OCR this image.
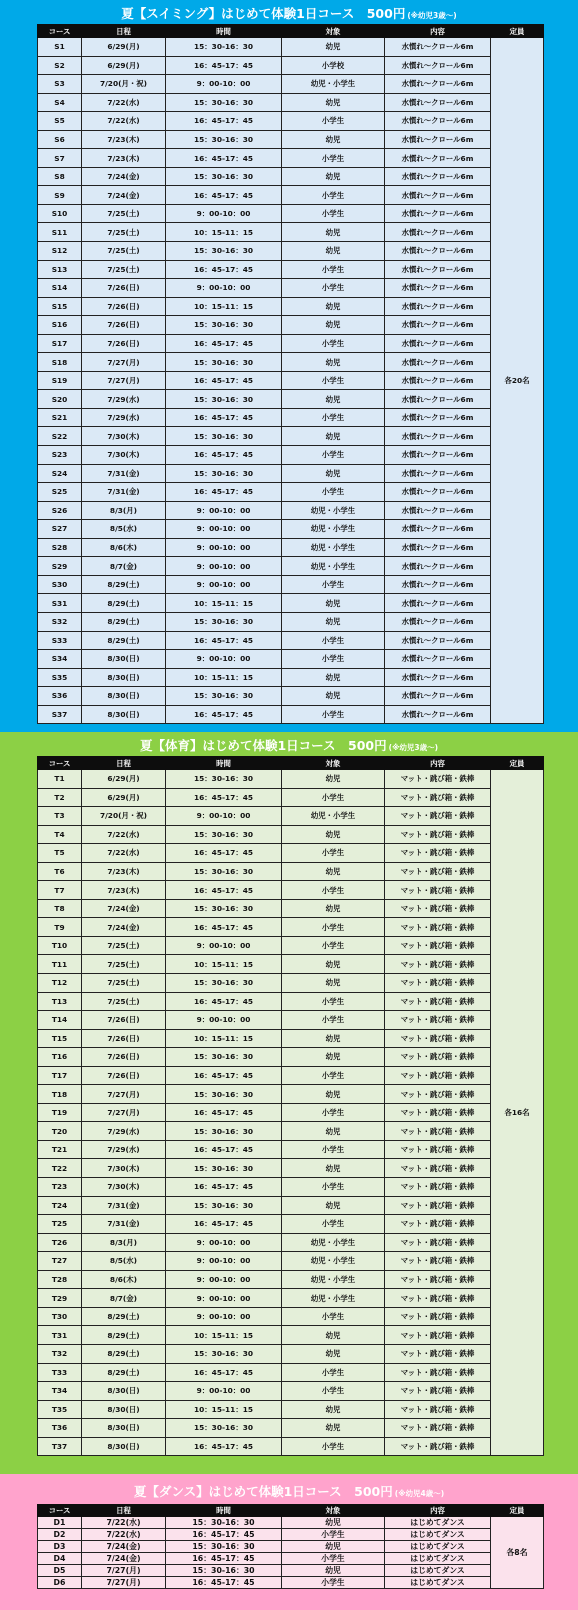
夏【スイミング】はじめて体験1日コース　500円 (※幼児3歳～)
コース	日程	時間	対象	内容	定員
S1	6/29(月)	15：30-16：30	幼児	水慣れ～クロール6m	各20名
S2	6/29(月)	16：45-17：45	小学校	水慣れ～クロール6m	
S3	7/20(月・祝)	9：00-10：00	幼児・小学生	水慣れ～クロール6m	
S4	7/22(水)	15：30-16：30	幼児	水慣れ～クロール6m	
S5	7/22(水)	16：45-17：45	小学生	水慣れ～クロール6m	
S6	7/23(木)	15：30-16：30	幼児	水慣れ～クロール6m	
S7	7/23(木)	16：45-17：45	小学生	水慣れ～クロール6m	
S8	7/24(金)	15：30-16：30	幼児	水慣れ～クロール6m	
S9	7/24(金)	16：45-17：45	小学生	水慣れ～クロール6m	
S10	7/25(土)	9：00-10：00	小学生	水慣れ～クロール6m	
S11	7/25(土)	10：15-11：15	幼児	水慣れ～クロール6m	
S12	7/25(土)	15：30-16：30	幼児	水慣れ～クロール6m	
S13	7/25(土)	16：45-17：45	小学生	水慣れ～クロール6m	
S14	7/26(日)	9：00-10：00	小学生	水慣れ～クロール6m	
S15	7/26(日)	10：15-11：15	幼児	水慣れ～クロール6m	
S16	7/26(日)	15：30-16：30	幼児	水慣れ～クロール6m	
S17	7/26(日)	16：45-17：45	小学生	水慣れ～クロール6m	
S18	7/27(月)	15：30-16：30	幼児	水慣れ～クロール6m	
S19	7/27(月)	16：45-17：45	小学生	水慣れ～クロール6m	
S20	7/29(水)	15：30-16：30	幼児	水慣れ～クロール6m	
S21	7/29(水)	16：45-17：45	小学生	水慣れ～クロール6m	
S22	7/30(木)	15：30-16：30	幼児	水慣れ～クロール6m	
S23	7/30(木)	16：45-17：45	小学生	水慣れ～クロール6m	
S24	7/31(金)	15：30-16：30	幼児	水慣れ～クロール6m	
S25	7/31(金)	16：45-17：45	小学生	水慣れ～クロール6m	
S26	8/3(月)	9：00-10：00	幼児・小学生	水慣れ～クロール6m	
S27	8/5(水)	9：00-10：00	幼児・小学生	水慣れ～クロール6m	
S28	8/6(木)	9：00-10：00	幼児・小学生	水慣れ～クロール6m	
S29	8/7(金)	9：00-10：00	幼児・小学生	水慣れ～クロール6m	
S30	8/29(土)	9：00-10：00	小学生	水慣れ～クロール6m	
S31	8/29(土)	10：15-11：15	幼児	水慣れ～クロール6m	
S32	8/29(土)	15：30-16：30	幼児	水慣れ～クロール6m	
S33	8/29(土)	16：45-17：45	小学生	水慣れ～クロール6m	
S34	8/30(日)	9：00-10：00	小学生	水慣れ～クロール6m	
S35	8/30(日)	10：15-11：15	幼児	水慣れ～クロール6m	
S36	8/30(日)	15：30-16：30	幼児	水慣れ～クロール6m	
S37	8/30(日)	16：45-17：45	小学生	水慣れ～クロール6m	
夏【体育】はじめて体験1日コース　500円 (※幼児3歳～)
コース	日程	時間	対象	内容	定員
T1	6/29(月)	15：30-16：30	幼児	マット・跳び箱・鉄棒	各16名
T2	6/29(月)	16：45-17：45	小学生	マット・跳び箱・鉄棒	
T3	7/20(月・祝)	9：00-10：00	幼児・小学生	マット・跳び箱・鉄棒	
T4	7/22(水)	15：30-16：30	幼児	マット・跳び箱・鉄棒	
T5	7/22(水)	16：45-17：45	小学生	マット・跳び箱・鉄棒	
T6	7/23(木)	15：30-16：30	幼児	マット・跳び箱・鉄棒	
T7	7/23(木)	16：45-17：45	小学生	マット・跳び箱・鉄棒	
T8	7/24(金)	15：30-16：30	幼児	マット・跳び箱・鉄棒	
T9	7/24(金)	16：45-17：45	小学生	マット・跳び箱・鉄棒	
T10	7/25(土)	9：00-10：00	小学生	マット・跳び箱・鉄棒	
T11	7/25(土)	10：15-11：15	幼児	マット・跳び箱・鉄棒	
T12	7/25(土)	15：30-16：30	幼児	マット・跳び箱・鉄棒	
T13	7/25(土)	16：45-17：45	小学生	マット・跳び箱・鉄棒	
T14	7/26(日)	9：00-10：00	小学生	マット・跳び箱・鉄棒	
T15	7/26(日)	10：15-11：15	幼児	マット・跳び箱・鉄棒	
T16	7/26(日)	15：30-16：30	幼児	マット・跳び箱・鉄棒	
T17	7/26(日)	16：45-17：45	小学生	マット・跳び箱・鉄棒	
T18	7/27(月)	15：30-16：30	幼児	マット・跳び箱・鉄棒	
T19	7/27(月)	16：45-17：45	小学生	マット・跳び箱・鉄棒	
T20	7/29(水)	15：30-16：30	幼児	マット・跳び箱・鉄棒	
T21	7/29(水)	16：45-17：45	小学生	マット・跳び箱・鉄棒	
T22	7/30(木)	15：30-16：30	幼児	マット・跳び箱・鉄棒	
T23	7/30(木)	16：45-17：45	小学生	マット・跳び箱・鉄棒	
T24	7/31(金)	15：30-16：30	幼児	マット・跳び箱・鉄棒	
T25	7/31(金)	16：45-17：45	小学生	マット・跳び箱・鉄棒	
T26	8/3(月)	9：00-10：00	幼児・小学生	マット・跳び箱・鉄棒	
T27	8/5(水)	9：00-10：00	幼児・小学生	マット・跳び箱・鉄棒	
T28	8/6(木)	9：00-10：00	幼児・小学生	マット・跳び箱・鉄棒	
T29	8/7(金)	9：00-10：00	幼児・小学生	マット・跳び箱・鉄棒	
T30	8/29(土)	9：00-10：00	小学生	マット・跳び箱・鉄棒	
T31	8/29(土)	10：15-11：15	幼児	マット・跳び箱・鉄棒	
T32	8/29(土)	15：30-16：30	幼児	マット・跳び箱・鉄棒	
T33	8/29(土)	16：45-17：45	小学生	マット・跳び箱・鉄棒	
T34	8/30(日)	9：00-10：00	小学生	マット・跳び箱・鉄棒	
T35	8/30(日)	10：15-11：15	幼児	マット・跳び箱・鉄棒	
T36	8/30(日)	15：30-16：30	幼児	マット・跳び箱・鉄棒	
T37	8/30(日)	16：45-17：45	小学生	マット・跳び箱・鉄棒	
夏【ダンス】はじめて体験1日コース　500円 (※幼児4歳～)
コース	日程	時間	対象	内容	定員
D1	7/22(水)	15：30-16：30	幼児	はじめてダンス	各8名
D2	7/22(水)	16：45-17：45	小学生	はじめてダンス	
D3	7/24(金)	15：30-16：30	幼児	はじめてダンス	
D4	7/24(金)	16：45-17：45	小学生	はじめてダンス	
D5	7/27(月)	15：30-16：30	幼児	はじめてダンス	
D6	7/27(月)	16：45-17：45	小学生	はじめてダンス	
